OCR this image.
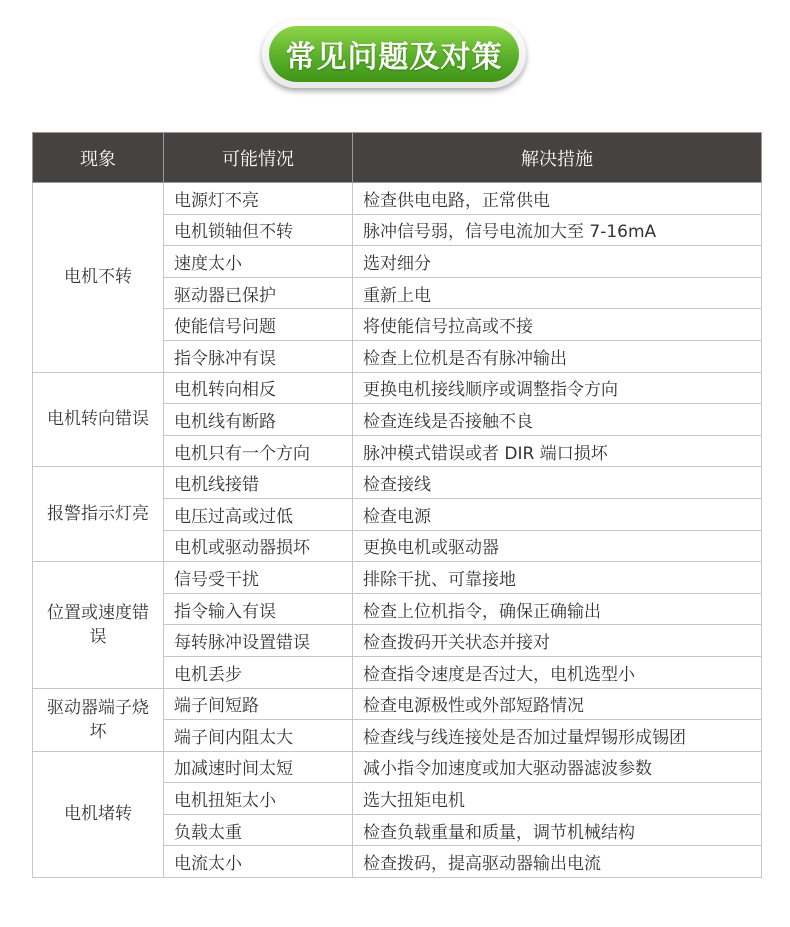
常见问题及对策
现象	可能情况	解决措施
电机不转	电源灯不亮	检查供电电路，正常供电
	电机锁轴但不转	脉冲信号弱，信号电流加大至 7-16mA
	速度太小	选对细分
	驱动器已保护	重新上电
	使能信号问题	将使能信号拉高或不接
	指令脉冲有误	检查上位机是否有脉冲输出
电机转向错误	电机转向相反	更换电机接线顺序或调整指令方向
	电机线有断路	检查连线是否接触不良
	电机只有一个方向	脉冲模式错误或者 DIR 端口损坏
报警指示灯亮	电机线接错	检查接线
	电压过高或过低	检查电源
	电机或驱动器损坏	更换电机或驱动器
位置或速度错误	信号受干扰	排除干扰、可靠接地
	指令输入有误	检查上位机指令，确保正确输出
	每转脉冲设置错误	检查拨码开关状态并接对
	电机丢步	检查指令速度是否过大，电机选型小
驱动器端子烧坏	端子间短路	检查电源极性或外部短路情况
	端子间内阻太大	检查线与线连接处是否加过量焊锡形成锡团
电机堵转	加减速时间太短	减小指令加速度或加大驱动器滤波参数
	电机扭矩太小	选大扭矩电机
	负载太重	检查负载重量和质量，调节机械结构
	电流太小	检查拨码，提高驱动器输出电流
